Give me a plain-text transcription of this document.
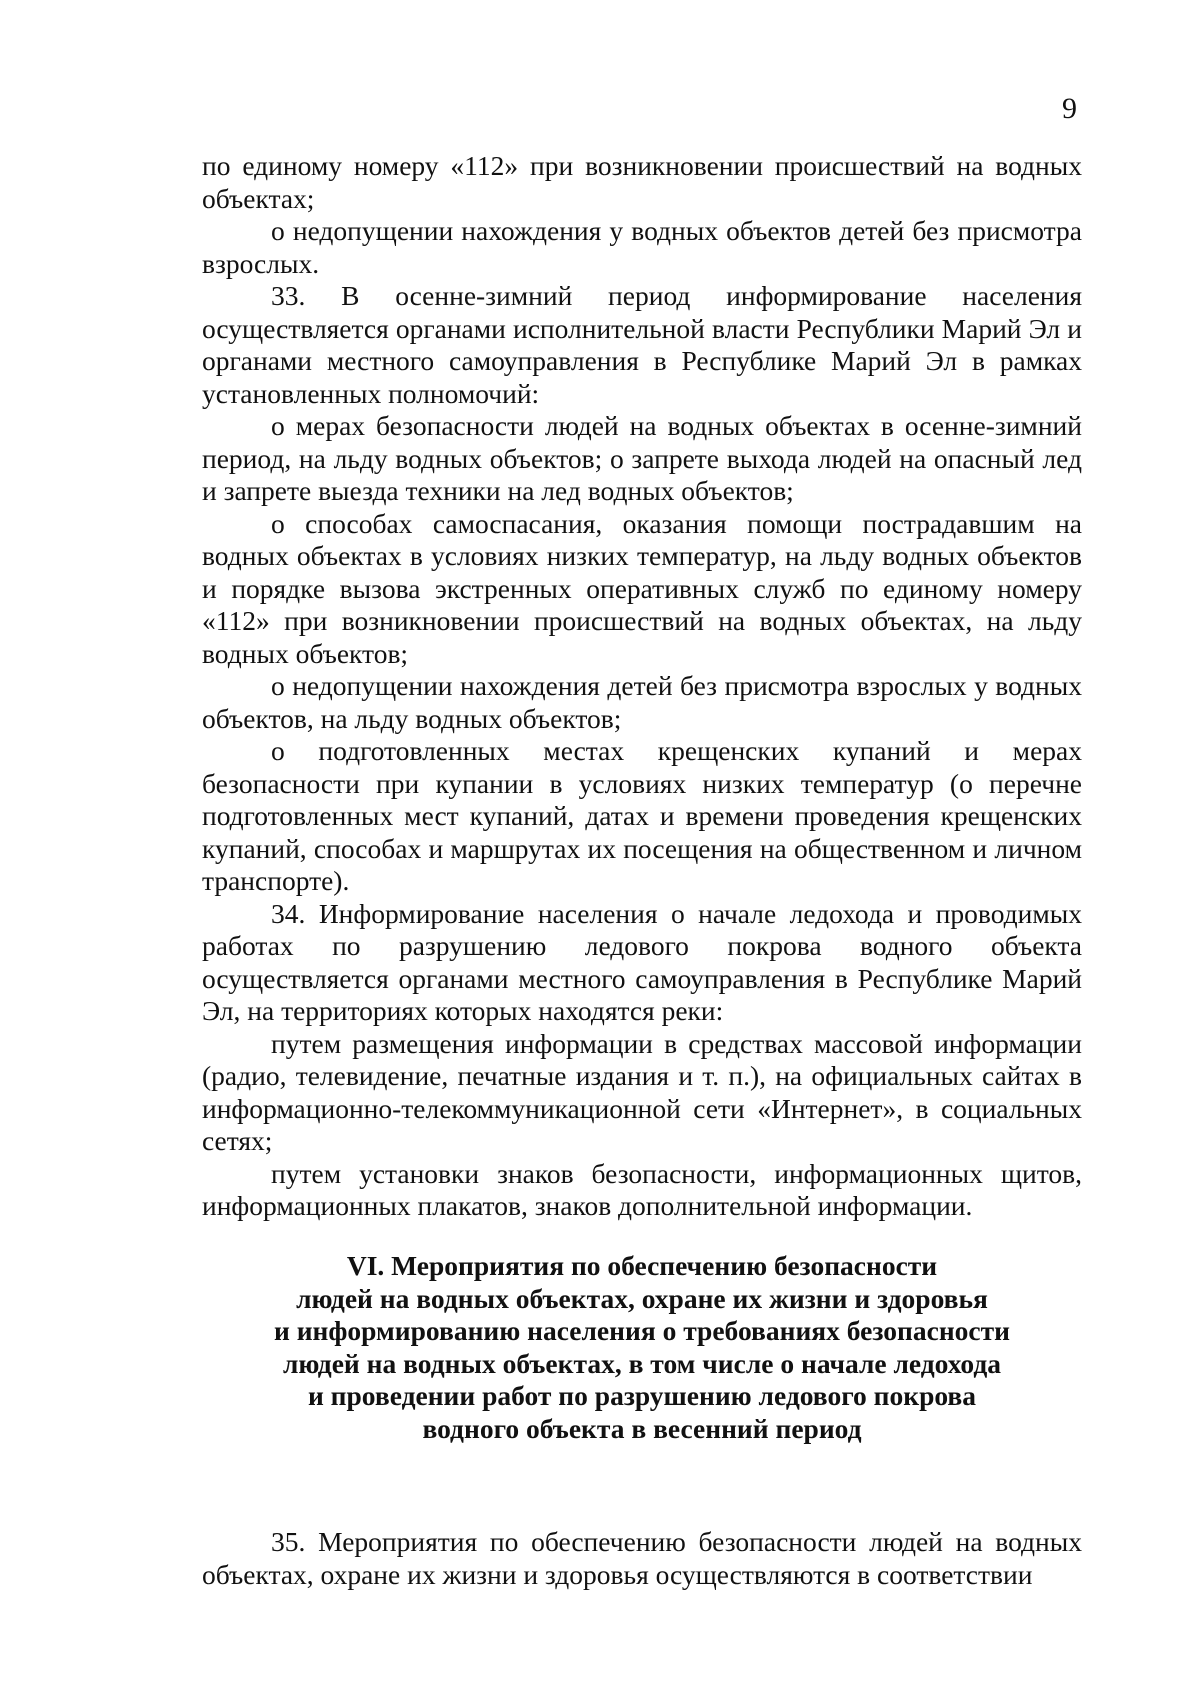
9

по единому номеру «112» при возникновении происшествий на водных объектах;

о недопущении нахождения у водных объектов детей без присмотра взрослых.

33. В осенне-зимний период информирование населения осуществляется органами исполнительной власти Республики Марий Эл и органами местного самоуправления в Республике Марий Эл в рамках установленных полномочий:

о мерах безопасности людей на водных объектах в осенне-зимний период, на льду водных объектов; о запрете выхода людей на опасный лед и запрете выезда техники на лед водных объектов;

о способах самоспасания, оказания помощи пострадавшим на водных объектах в условиях низких температур, на льду водных объектов и порядке вызова экстренных оперативных служб по единому номеру «112» при возникновении происшествий на водных объектах, на льду водных объектов;

о недопущении нахождения детей без присмотра взрослых у водных объектов, на льду водных объектов;

о подготовленных местах крещенских купаний и мерах безопасности при купании в условиях низких температур (о перечне подготовленных мест купаний, датах и времени проведения крещенских купаний, способах и маршрутах их посещения на общественном и личном транспорте).

34. Информирование населения о начале ледохода и проводимых работах по разрушению ледового покрова водного объекта осуществляется органами местного самоуправления в Республике Марий Эл, на территориях которых находятся реки:

путем размещения информации в средствах массовой информации (радио, телевидение, печатные издания и т. п.), на официальных сайтах в информационно-телекоммуникационной сети «Интернет», в социальных сетях;

путем установки знаков безопасности, информационных щитов, информационных плакатов, знаков дополнительной информации.

VI. Мероприятия по обеспечению безопасности
людей на водных объектах, охране их жизни и здоровья
и информированию населения о требованиях безопасности
людей на водных объектах, в том числе о начале ледохода
и проведении работ по разрушению ледового покрова
водного объекта в весенний период

35. Мероприятия по обеспечению безопасности людей на водных объектах, охране их жизни и здоровья осуществляются в соответствии
